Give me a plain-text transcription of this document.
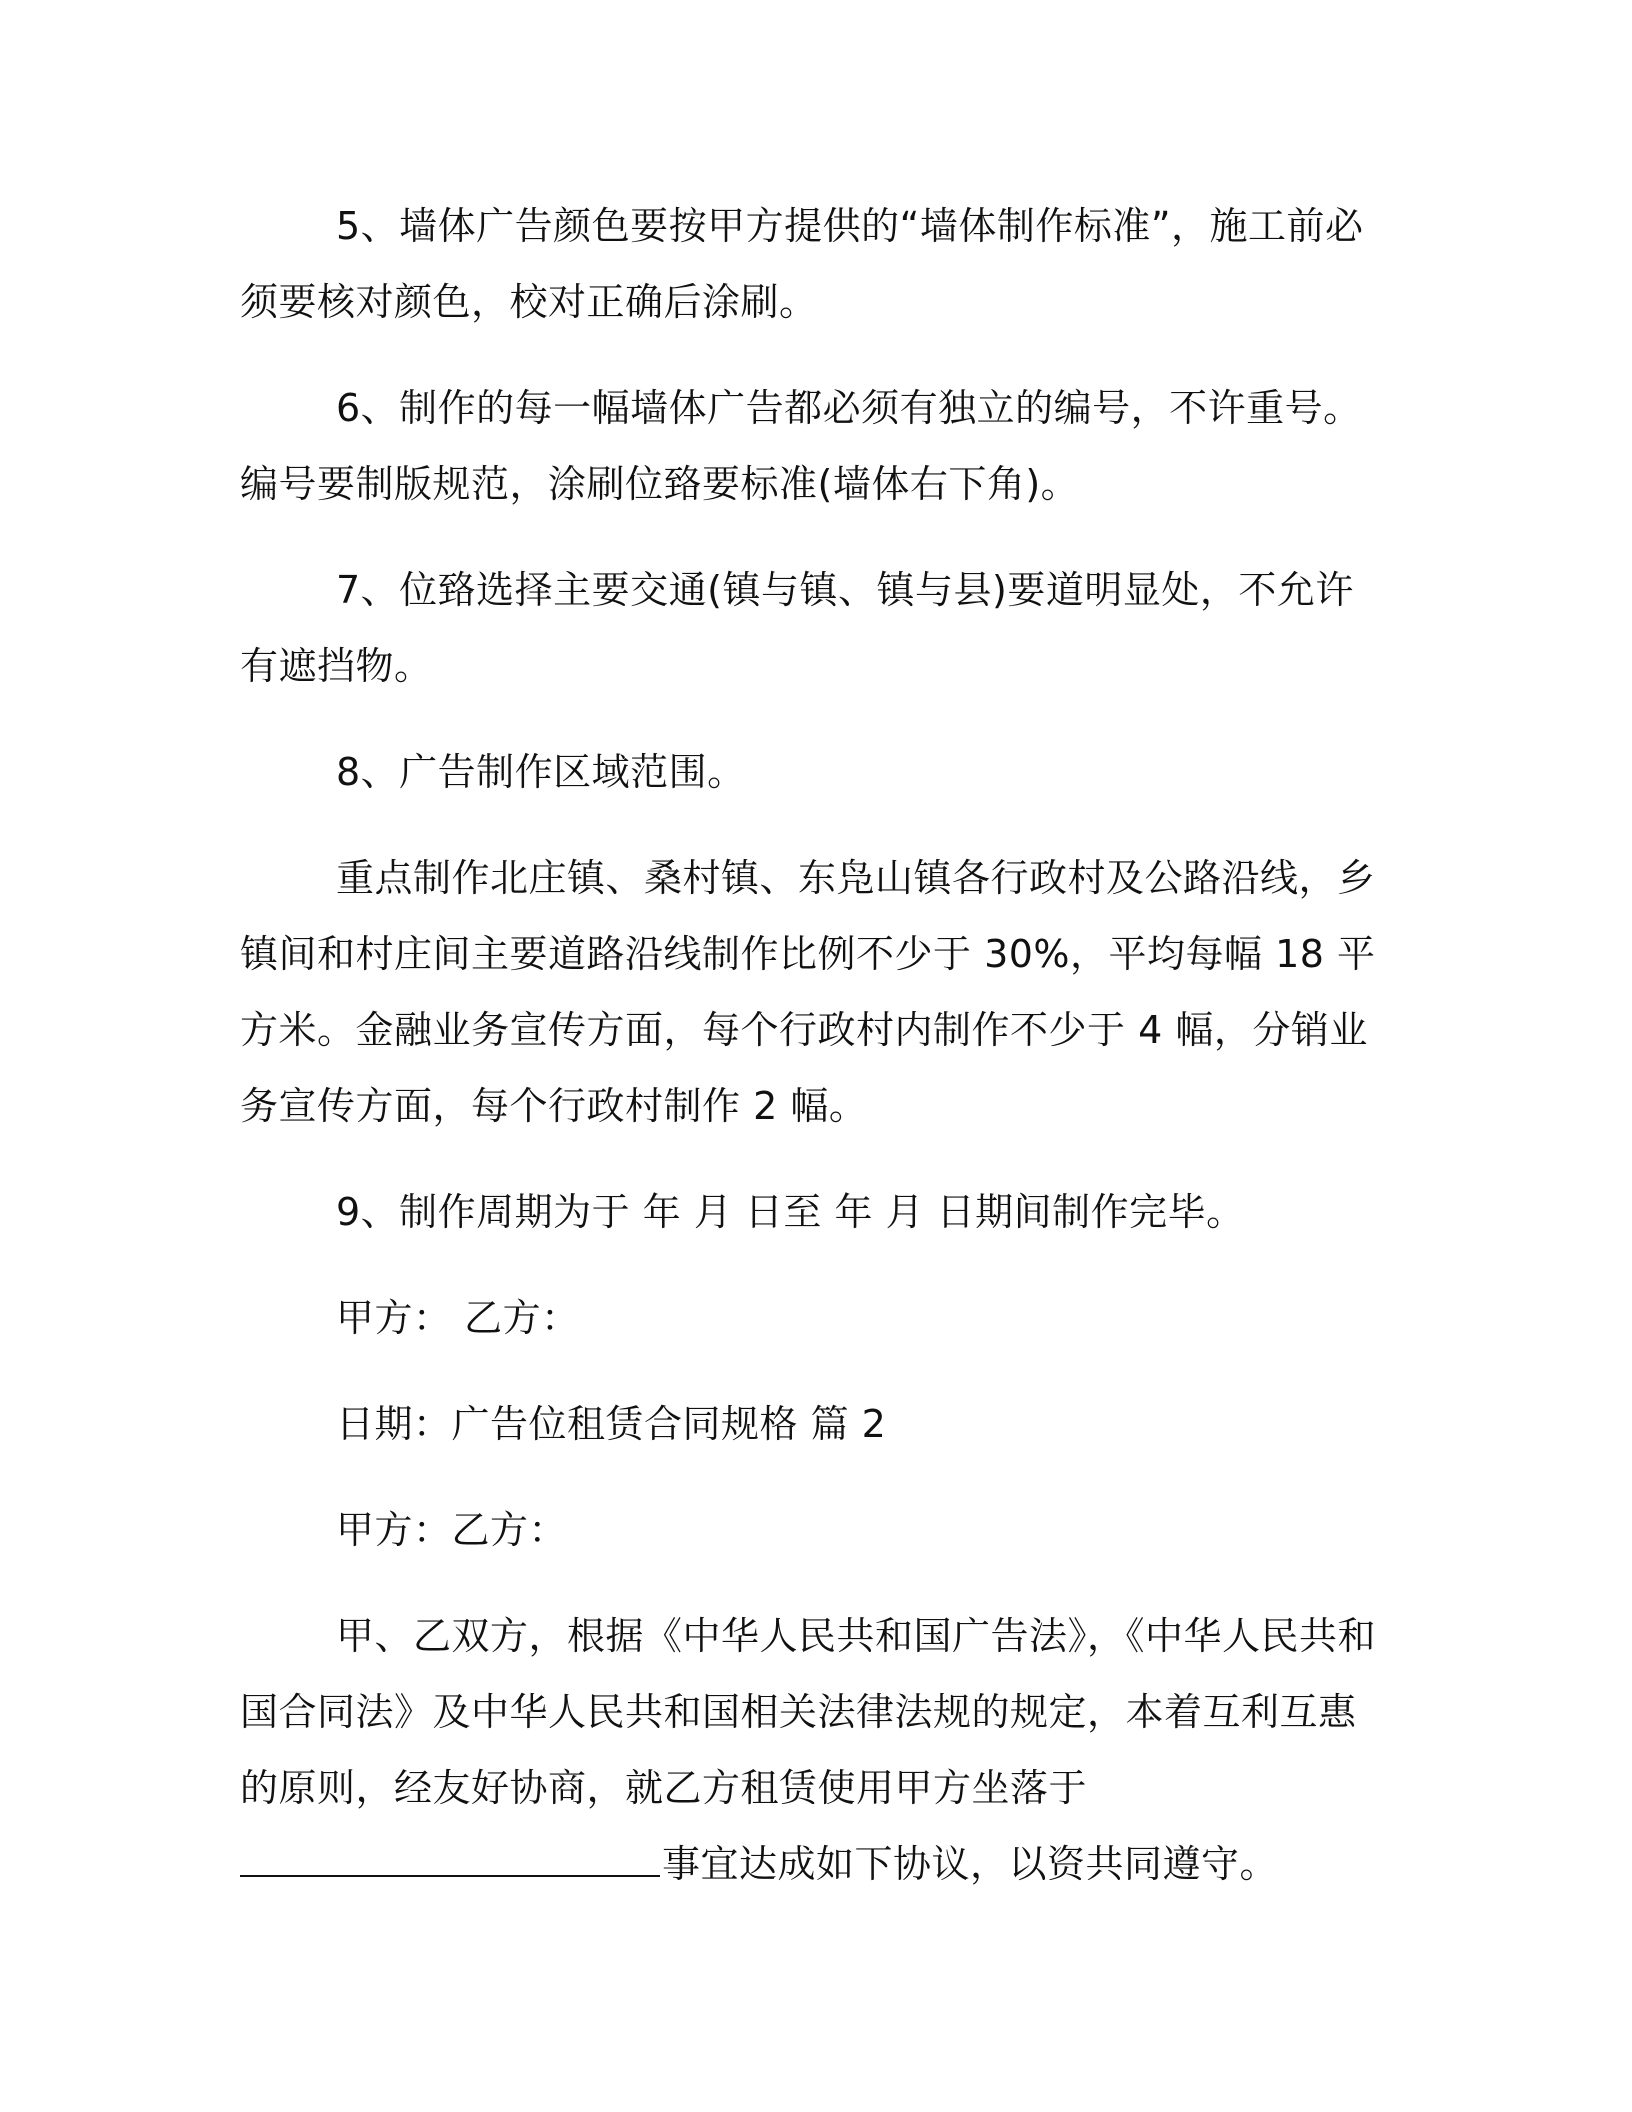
5、墙体广告颜色要按甲方提供的“墙体制作标准”，施工前必须要核对颜色，校对正确后涂刷。

6、制作的每一幅墙体广告都必须有独立的编号，不许重号。编号要制版规范，涂刷位臵要标准(墙体右下角)。

7、位臵选择主要交通(镇与镇、镇与县)要道明显处，不允许有遮挡物。

8、广告制作区域范围。

重点制作北庄镇、桑村镇、东凫山镇各行政村及公路沿线，乡镇间和村庄间主要道路沿线制作比例不少于 30%，平均每幅 18 平方米。金融业务宣传方面，每个行政村内制作不少于 4 幅，分销业务宣传方面，每个行政村制作 2 幅。

9、制作周期为于 年 月 日至 年 月 日期间制作完毕。

甲方： 乙方：

日期：广告位租赁合同规格 篇 2

甲方：乙方：

甲、乙双方，根据《中华人民共和国广告法》，《中华人民共和国合同法》及中华人民共和国相关法律法规的规定，本着互利互惠的原则，经友好协商，就乙方租赁使用甲方坐落于

事宜达成如下协议，以资共同遵守。
